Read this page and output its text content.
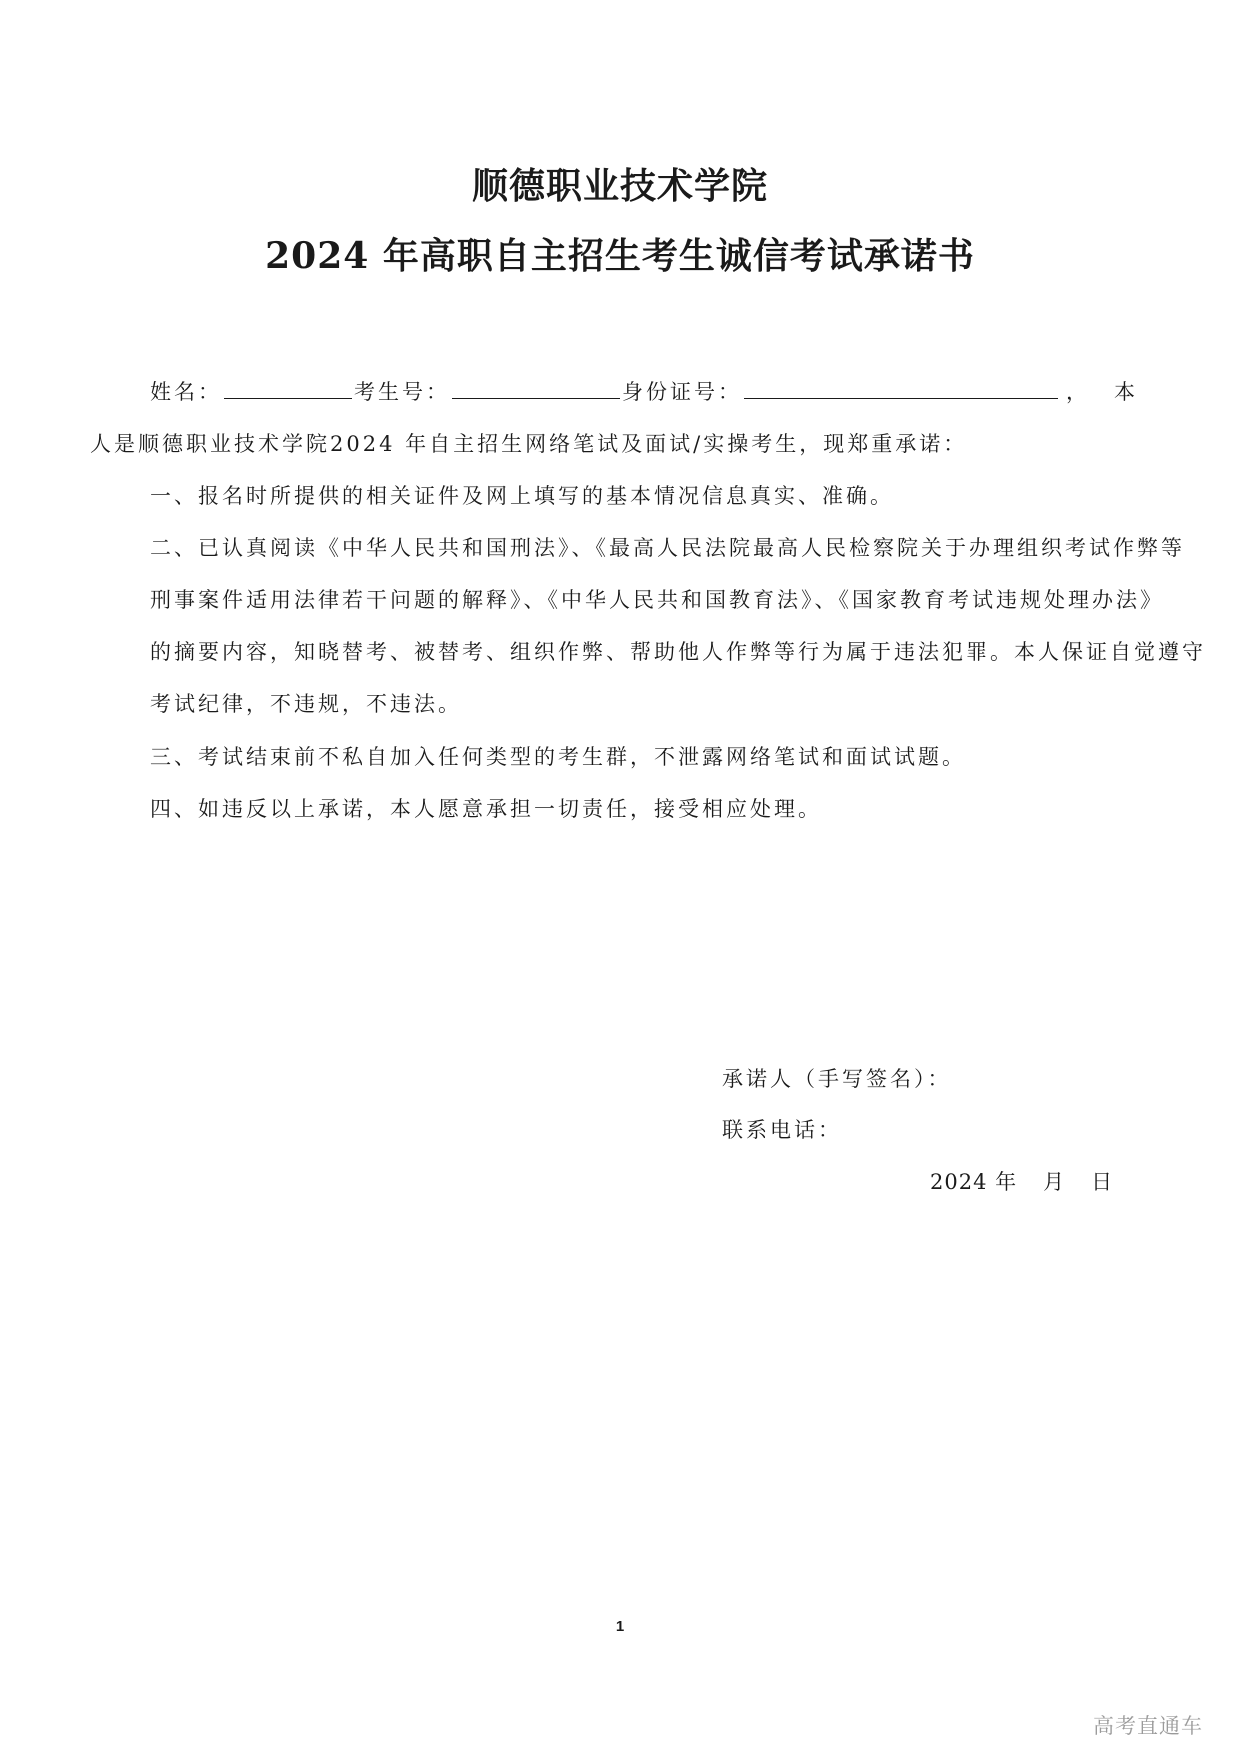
顺德职业技术学院
2024 年高职自主招生考生诚信考试承诺书
姓名：	考生号：	身份证号：	， 本
人是顺德职业技术学院2024 年自主招生网络笔试及面试/实操考生，现郑重承诺：
一、报名时所提供的相关证件及网上填写的基本情况信息真实、准确。
二、已认真阅读《中华人民共和国刑法》、《最高人民法院最高人民检察院关于办理组织考试作弊等
刑事案件适用法律若干问题的解释》、《中华人民共和国教育法》、《国家教育考试违规处理办法》
的摘要内容，知晓替考、被替考、组织作弊、帮助他人作弊等行为属于违法犯罪。本人保证自觉遵守
考试纪律，不违规，不违法。
三、考试结束前不私自加入任何类型的考生群，不泄露网络笔试和面试试题。
四、如违反以上承诺，本人愿意承担一切责任，接受相应处理。
承诺人（手写签名）：
联系电话：
2024 年 月 日
1
高考直通车
